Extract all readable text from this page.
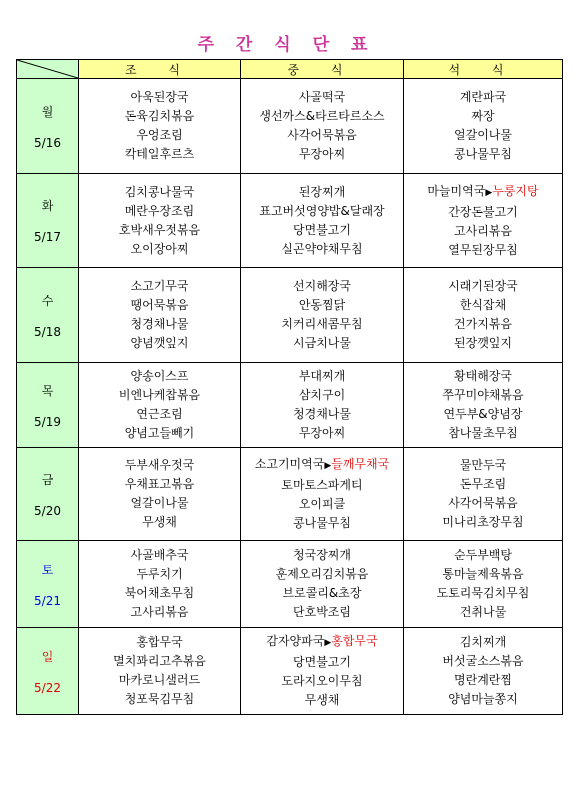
주 간 식 단 표
	조 식	중 식	석 식

월
5/16	아욱된장국
돈육김치볶음
우엉조림
칵테일후르츠	사골떡국
생선까스&타르타르소스
사각어묵볶음
무장아찌	계란파국
짜장
얼갈이나물
콩나물무침

화
5/17	김치콩나물국
메란우장조림
호박새우젓볶음
오이장아찌	된장찌개
표고버섯영양밥&달래장
당면불고기
실곤약야채무침	마늘미역국▶누룽지탕
간장돈불고기
고사리볶음
열무된장무침

수
5/18	소고기무국
땡어묵볶음
청경채나물
양념깻잎지	선지해장국
안동찜닭
치커리새콤무침
시금치나물	시래기된장국
한식잡채
건가지볶음
된장깻잎지

목
5/19	양송이스프
비엔나케찹볶음
연근조림
양념고들빼기	부대찌개
삼치구이
청경채나물
무장아찌	황태해장국
쭈꾸미야채볶음
연두부&양념장
참나물초무침

금
5/20	두부새우젓국
우채표고볶음
얼갈이나물
무생채	소고기미역국▶들깨무채국
토마토스파게티
오이피클
콩나물무침	물만두국
돈무조림
사각어묵볶음
미나리초장무침

토
5/21	사골배추국
두루치기
북어채초무침
고사리볶음	청국장찌개
훈제오리김치볶음
브로콜리&초장
단호박조림	순두부백탕
통마늘제육볶음
도토리묵김치무침
건취나물

일
5/22	홍합무국
멸치꽈리고추볶음
마카로니샐러드
청포묵김무침	감자양파국▶홍합무국
당면불고기
도라지오이무침
무생채	김치찌개
버섯굴소스볶음
명란계란찜
양념마늘쫑지
